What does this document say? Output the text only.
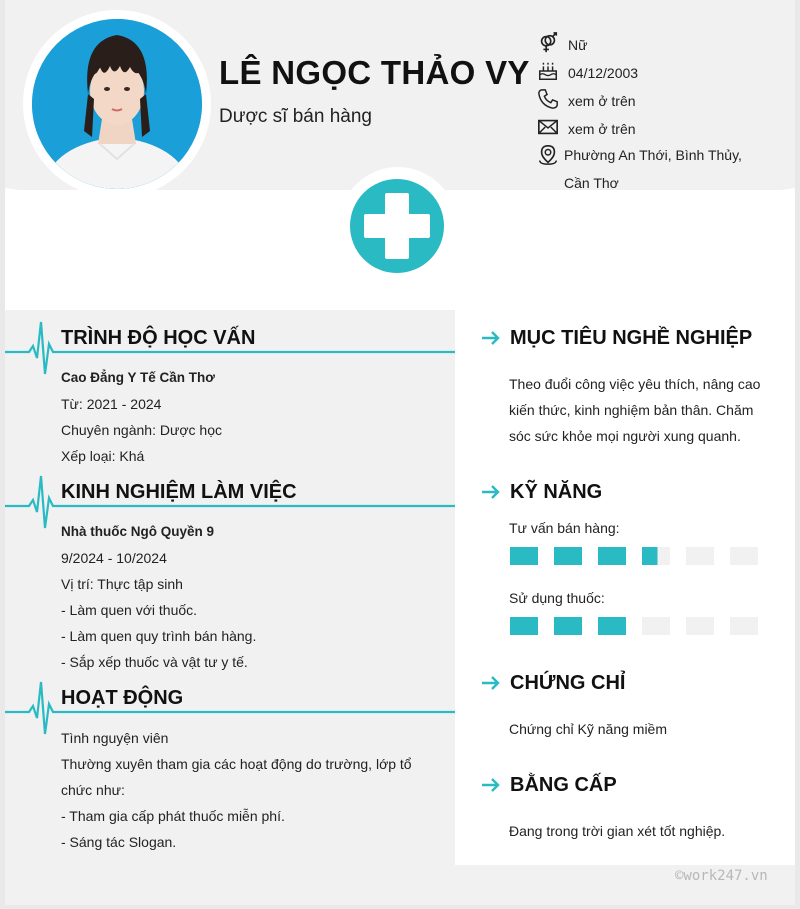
LÊ NGỌC THẢO VY
Dược sĩ bán hàng
Nữ
04/12/2003
xem ở trên
xem ở trên
Phường An Thới, Bình Thủy, Cần Thơ
TRÌNH ĐỘ HỌC VẤN
Cao Đẳng Y Tế Cần Thơ
Từ: 2021 - 2024
Chuyên ngành: Dược học
Xếp loại: Khá
KINH NGHIỆM LÀM VIỆC
Nhà thuốc Ngô Quyền 9
9/2024 - 10/2024
Vị trí: Thực tập sinh
- Làm quen với thuốc.
- Làm quen quy trình bán hàng.
- Sắp xếp thuốc và vật tư y tế.
HOẠT ĐỘNG
Tình nguyện viên
Thường xuyên tham gia các hoạt động do trường, lớp tổ
chức như:
- Tham gia cấp phát thuốc miễn phí.
- Sáng tác Slogan.
MỤC TIÊU NGHỀ NGHIỆP
Theo đuổi công việc yêu thích, nâng cao
kiến thức, kinh nghiệm bản thân. Chăm
sóc sức khỏe mọi người xung quanh.
KỸ NĂNG
Tư vấn bán hàng:
Sử dụng thuốc:
CHỨNG CHỈ
Chứng chỉ Kỹ năng miềm
BẰNG CẤP
Đang trong trời gian xét tốt nghiệp.
©work247.vn
